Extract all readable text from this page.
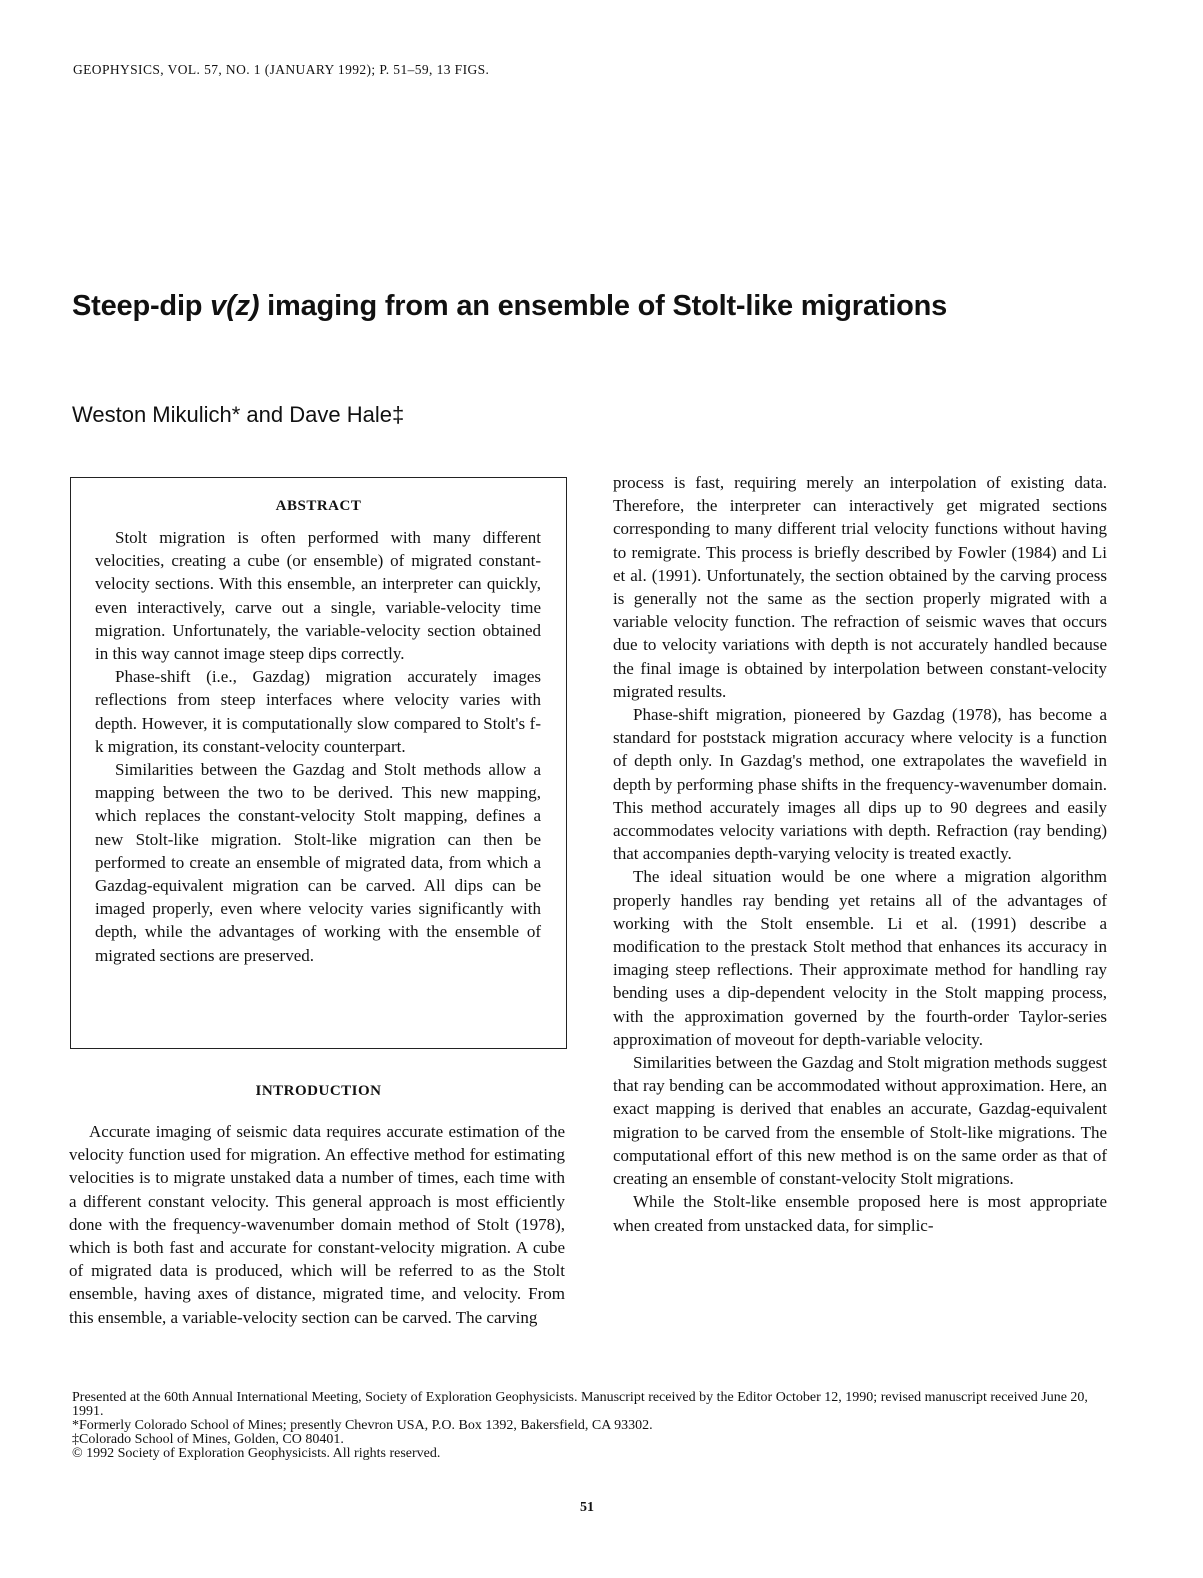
GEOPHYSICS, VOL. 57, NO. 1 (JANUARY 1992); P. 51–59, 13 FIGS.
Steep-dip v(z) imaging from an ensemble of Stolt-like migrations
Weston Mikulich* and Dave Hale‡
ABSTRACT

Stolt migration is often performed with many different velocities, creating a cube (or ensemble) of migrated constant-velocity sections. With this ensemble, an interpreter can quickly, even interactively, carve out a single, variable-velocity time migration. Unfortunately, the variable-velocity section obtained in this way cannot image steep dips correctly.

Phase-shift (i.e., Gazdag) migration accurately images reflections from steep interfaces where velocity varies with depth. However, it is computationally slow compared to Stolt's f-k migration, its constant-velocity counterpart.

Similarities between the Gazdag and Stolt methods allow a mapping between the two to be derived. This new mapping, which replaces the constant-velocity Stolt mapping, defines a new Stolt-like migration. Stolt-like migration can then be performed to create an ensemble of migrated data, from which a Gazdag-equivalent migration can be carved. All dips can be imaged properly, even where velocity varies significantly with depth, while the advantages of working with the ensemble of migrated sections are preserved.

INTRODUCTION

Accurate imaging of seismic data requires accurate estimation of the velocity function used for migration. An effective method for estimating velocities is to migrate unstaked data a number of times, each time with a different constant velocity. This general approach is most efficiently done with the frequency-wavenumber domain method of Stolt (1978), which is both fast and accurate for constant-velocity migration. A cube of migrated data is produced, which will be referred to as the Stolt ensemble, having axes of distance, migrated time, and velocity. From this ensemble, a variable-velocity section can be carved. The carving

process is fast, requiring merely an interpolation of existing data. Therefore, the interpreter can interactively get migrated sections corresponding to many different trial velocity functions without having to remigrate. This process is briefly described by Fowler (1984) and Li et al. (1991). Unfortunately, the section obtained by the carving process is generally not the same as the section properly migrated with a variable velocity function. The refraction of seismic waves that occurs due to velocity variations with depth is not accurately handled because the final image is obtained by interpolation between constant-velocity migrated results.

Phase-shift migration, pioneered by Gazdag (1978), has become a standard for poststack migration accuracy where velocity is a function of depth only. In Gazdag's method, one extrapolates the wavefield in depth by performing phase shifts in the frequency-wavenumber domain. This method accurately images all dips up to 90 degrees and easily accommodates velocity variations with depth. Refraction (ray bending) that accompanies depth-varying velocity is treated exactly.

The ideal situation would be one where a migration algorithm properly handles ray bending yet retains all of the advantages of working with the Stolt ensemble. Li et al. (1991) describe a modification to the prestack Stolt method that enhances its accuracy in imaging steep reflections. Their approximate method for handling ray bending uses a dip-dependent velocity in the Stolt mapping process, with the approximation governed by the fourth-order Taylor-series approximation of moveout for depth-variable velocity.

Similarities between the Gazdag and Stolt migration methods suggest that ray bending can be accommodated without approximation. Here, an exact mapping is derived that enables an accurate, Gazdag-equivalent migration to be carved from the ensemble of Stolt-like migrations. The computational effort of this new method is on the same order as that of creating an ensemble of constant-velocity Stolt migrations.

While the Stolt-like ensemble proposed here is most appropriate when created from unstacked data, for simplic-

Presented at the 60th Annual International Meeting, Society of Exploration Geophysicists. Manuscript received by the Editor October 12, 1990; revised manuscript received June 20, 1991.
*Formerly Colorado School of Mines; presently Chevron USA, P.O. Box 1392, Bakersfield, CA 93302.
‡Colorado School of Mines, Golden, CO 80401.
© 1992 Society of Exploration Geophysicists. All rights reserved.
51
